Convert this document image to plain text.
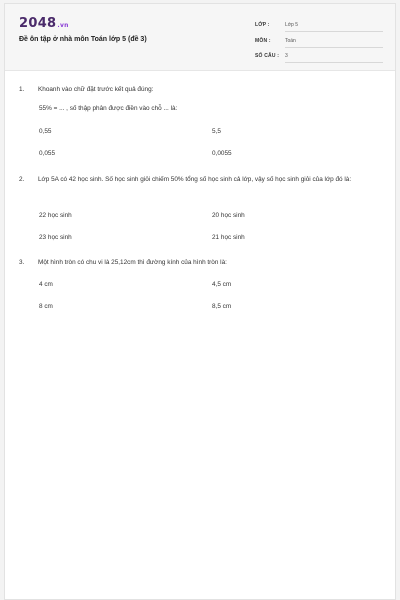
2048.vn
Đề ôn tập ở nhà môn Toán lớp 5 (đề 3)
LỚP :	Lớp 5
MÔN :	Toán
SỐ CÂU : 3
1. Khoanh vào chữ đặt trước kết quả đúng:
55% = ... , số thập phân được điền vào chỗ ... là:
0,55	5,5
0,055	0,0055
2. Lớp 5A có 42 học sinh. Số học sinh giỏi chiếm 50% tổng số học sinh cả lớp, vậy số học sinh giỏi của lớp đó là:
22 học sinh	20 học sinh
23 học sinh	21 học sinh
3. Một hình tròn có chu vi là 25,12cm thì đường kính của hình tròn là:
4 cm	4,5 cm
8 cm	8,5 cm
